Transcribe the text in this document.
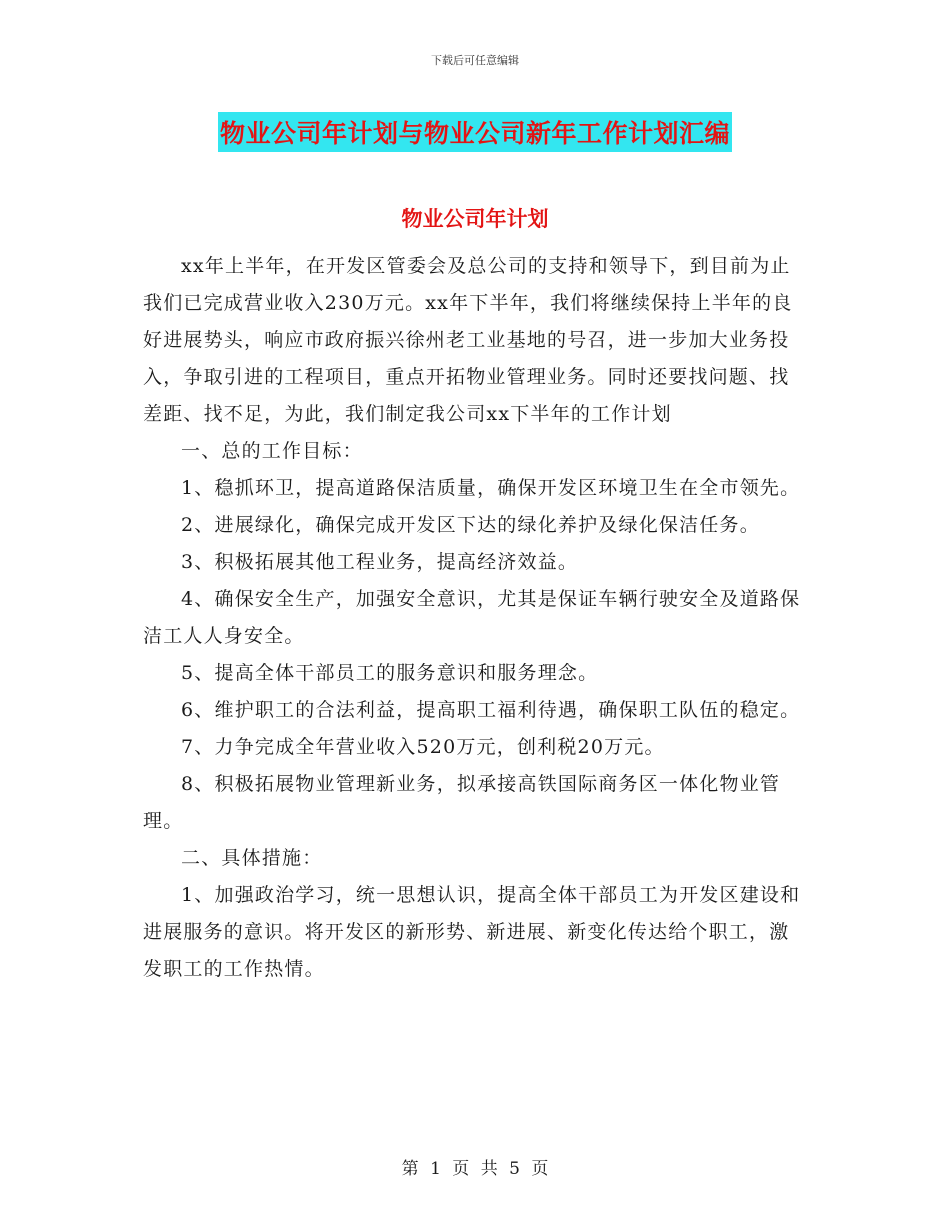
下载后可任意编辑
物业公司年计划与物业公司新年工作计划汇编
物业公司年计划

xx年上半年，在开发区管委会及总公司的支持和领导下，到目前为止我们已完成营业收入230万元。xx年下半年，我们将继续保持上半年的良好进展势头，响应市政府振兴徐州老工业基地的号召，进一步加大业务投入，争取引进的工程项目，重点开拓物业管理业务。同时还要找问题、找差距、找不足，为此，我们制定我公司xx下半年的工作计划

一、总的工作目标：

1、稳抓环卫，提高道路保洁质量，确保开发区环境卫生在全市领先。

2、进展绿化，确保完成开发区下达的绿化养护及绿化保洁任务。

3、积极拓展其他工程业务，提高经济效益。

4、确保安全生产，加强安全意识，尤其是保证车辆行驶安全及道路保洁工人人身安全。

5、提高全体干部员工的服务意识和服务理念。

6、维护职工的合法利益，提高职工福利待遇，确保职工队伍的稳定。

7、力争完成全年营业收入520万元，创利税20万元。

8、积极拓展物业管理新业务，拟承接高铁国际商务区一体化物业管理。

二、具体措施：

1、加强政治学习，统一思想认识，提高全体干部员工为开发区建设和进展服务的意识。将开发区的新形势、新进展、新变化传达给个职工，激发职工的工作热情。

第 1 页 共 5 页
